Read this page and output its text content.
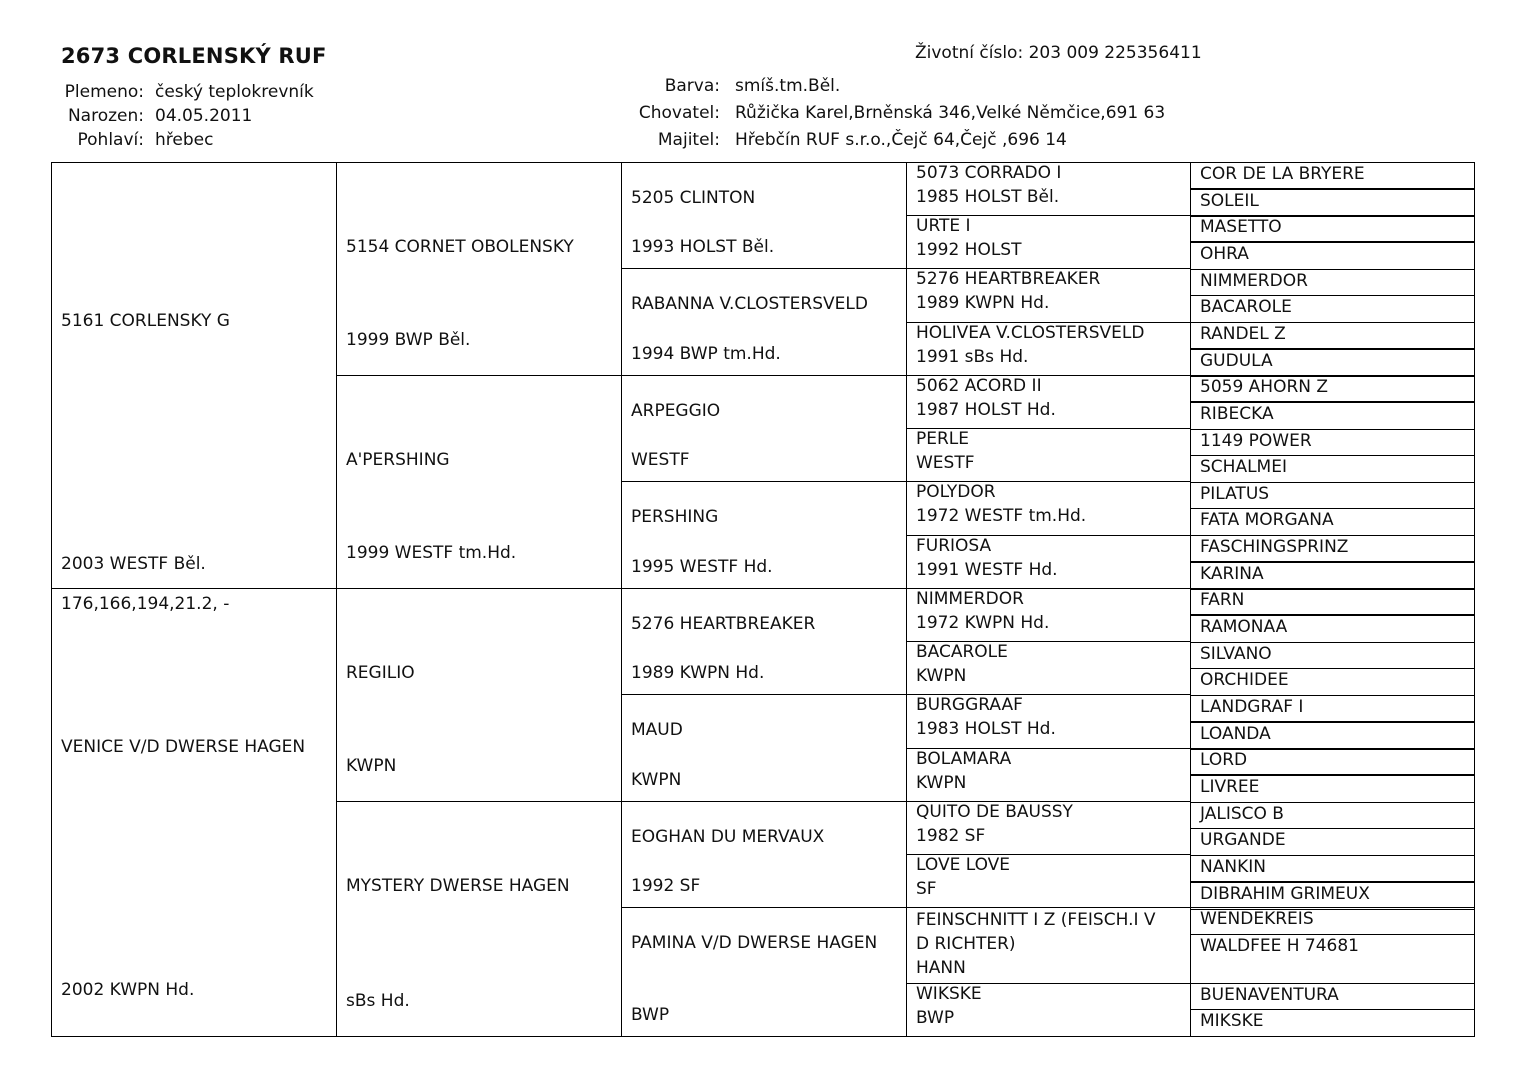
2673 CORLENSKÝ RUF	Životní číslo: 203 009 225356411
Plemeno: český teplokrevník
Narozen: 04.05.2011
Pohlaví: hřebec
Barva: smíš.tm.Běl.
Chovatel: Růžička Karel,Brněnská 346,Velké Němčice,691 63
Majitel: Hřebčín RUF s.r.o.,Čejč 64,Čejč ,696 14
5161 CORLENSKY G
2003 WESTF Běl.
176,166,194,21.2, -
VENICE V/D DWERSE HAGEN
2002 KWPN Hd.
5154 CORNET OBOLENSKY
1999 BWP Běl.
A'PERSHING
1999 WESTF tm.Hd.
REGILIO
KWPN
MYSTERY DWERSE HAGEN
sBs Hd.
5205 CLINTON
1993 HOLST Běl.
RABANNA V.CLOSTERSVELD
1994 BWP tm.Hd.
ARPEGGIO
WESTF
PERSHING
1995 WESTF Hd.
5276 HEARTBREAKER
1989 KWPN Hd.
MAUD
KWPN
EOGHAN DU MERVAUX
1992 SF
PAMINA V/D DWERSE HAGEN
BWP
5073 CORRADO I
1985 HOLST Běl.
URTE I
1992 HOLST
5276 HEARTBREAKER
1989 KWPN Hd.
HOLIVEA V.CLOSTERSVELD
1991 sBs Hd.
5062 ACORD II
1987 HOLST Hd.
PERLE
WESTF
POLYDOR
1972 WESTF tm.Hd.
FURIOSA
1991 WESTF Hd.
NIMMERDOR
1972 KWPN Hd.
BACAROLE
KWPN
BURGGRAAF
1983 HOLST Hd.
BOLAMARA
KWPN
QUITO DE BAUSSY
1982 SF
LOVE LOVE
SF
FEINSCHNITT I Z (FEISCH.I V D RICHTER)
HANN
WIKSKE
BWP
COR DE LA BRYERE
SOLEIL
MASETTO
OHRA
NIMMERDOR
BACAROLE
RANDEL Z
GUDULA
5059 AHORN Z
RIBECKA
1149 POWER
SCHALMEI
PILATUS
FATA MORGANA
FASCHINGSPRINZ
KARINA
FARN
RAMONAA
SILVANO
ORCHIDEE
LANDGRAF I
LOANDA
LORD
LIVREE
JALISCO B
URGANDE
NANKIN
DIBRAHIM GRIMEUX
WENDEKREIS
WALDFEE H 74681
BUENAVENTURA
MIKSKE
